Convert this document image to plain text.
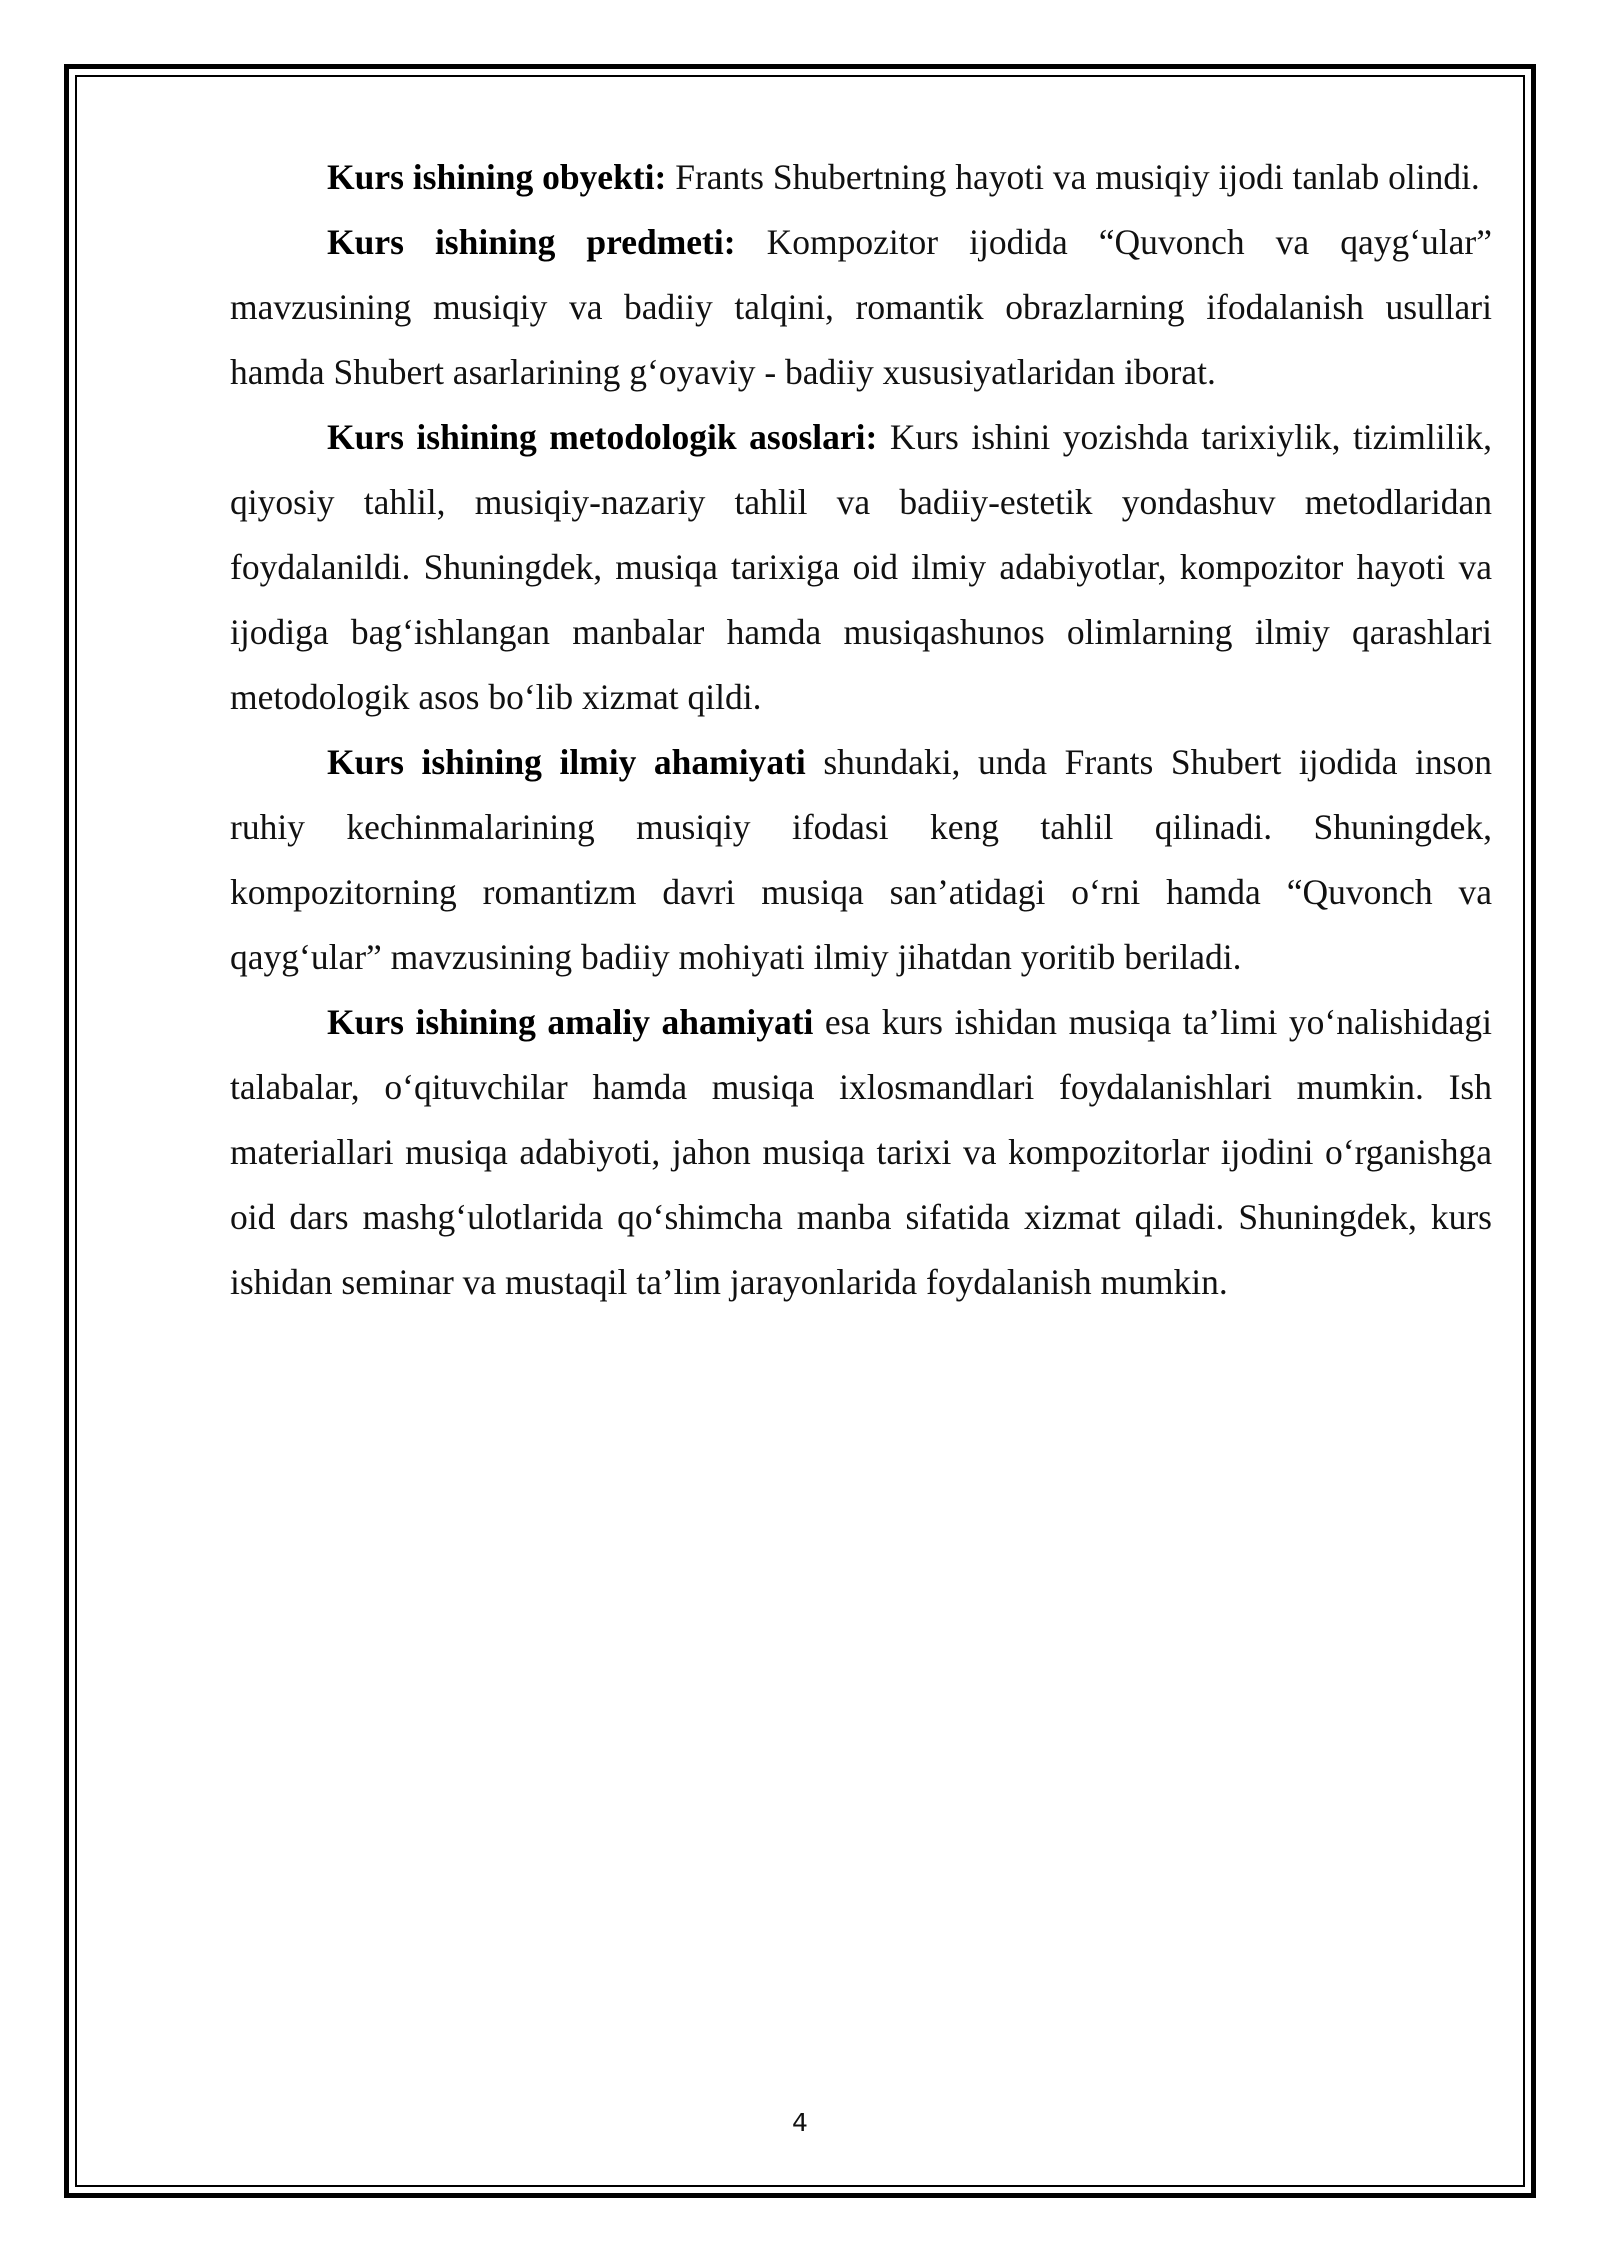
Kurs ishining obyekti: Frants Shubertning hayoti va musiqiy ijodi tanlab olindi.

Kurs ishining predmeti: Kompozitor ijodida “Quvonch va qayg‘ular” mavzusining musiqiy va badiiy talqini, romantik obrazlarning ifodalanish usullari hamda Shubert asarlarining g‘oyaviy - badiiy xususiyatlaridan iborat.

Kurs ishining metodologik asoslari: Kurs ishini yozishda tarixiylik, tizimlilik, qiyosiy tahlil, musiqiy-nazariy tahlil va badiiy-estetik yondashuv metodlaridan foydalanildi. Shuningdek, musiqa tarixiga oid ilmiy adabiyotlar, kompozitor hayoti va ijodiga bag‘ishlangan manbalar hamda musiqashunos olimlarning ilmiy qarashlari metodologik asos bo‘lib xizmat qildi.

Kurs ishining ilmiy ahamiyati shundaki, unda Frants Shubert ijodida inson ruhiy kechinmalarining musiqiy ifodasi keng tahlil qilinadi. Shuningdek, kompozitorning romantizm davri musiqa san’atidagi o‘rni hamda “Quvonch va qayg‘ular” mavzusining badiiy mohiyati ilmiy jihatdan yoritib beriladi.

Kurs ishining amaliy ahamiyati esa kurs ishidan musiqa ta’limi yo‘nalishidagi talabalar, o‘qituvchilar hamda musiqa ixlosmandlari foydalanishlari mumkin. Ish materiallari musiqa adabiyoti, jahon musiqa tarixi va kompozitorlar ijodini o‘rganishga oid dars mashg‘ulotlarida qo‘shimcha manba sifatida xizmat qiladi. Shuningdek, kurs ishidan seminar va mustaqil ta’lim jarayonlarida foydalanish mumkin.

4
